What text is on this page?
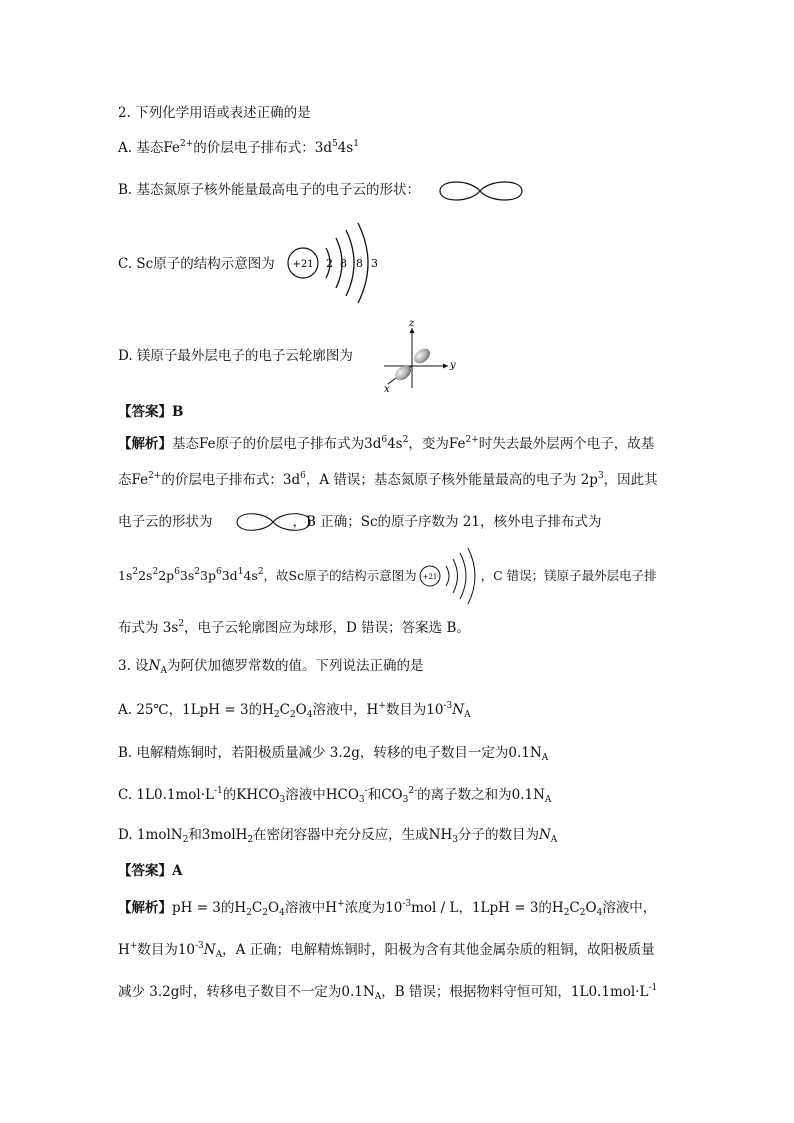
2. 下列化学用语或表述正确的是
A. 基态$Fe^{2+}$的价层电子排布式：$3d^54s^1$
B. 基态氮原子核外能量最高电子的电子云的形状：
C. Sc原子的结构示意图为 +21 2 8 8 3
D. 镁原子最外层电子的电子云轮廓图为
z
y
x
【答案】B
【解析】基态Fe原子的价层电子排布式为$3d^64s^2$，变为$Fe^{2+}$时失去最外层两个电子，故基
态$Fe^{2+}$的价层电子排布式：$3d^6$，A 错误；基态氮原子核外能量最高的电子为 $2p^3$，因此其
电子云的形状为	，B 正确；Sc的原子序数为 21，核外电子排布式为
$1s^22s^22p^63s^23p^63d^14s^2$，故Sc原子的结构示意图为	，C 错误；镁原子最外层电子排
+21
布式为 $3s^2$，电子云轮廓图应为球形，D 错误；答案选 B。
3. 设$N_A$为阿伏加德罗常数的值。下列说法正确的是
A. 25℃，1LpH = 3的$H_2C_2O_4$溶液中，H+数目为$10^{-3}N_A$
B. 电解精炼铜时，若阳极质量减少 3.2g，转移的电子数目一定为$0.1N_A$
C. $1L0.1mol\cdot L^{-1}$的$KHCO_3$溶液中$HCO_3^-$和$CO_3^{2-}$的离子数之和为$0.1N_A$
D. 1molN$_2$和3molH$_2$在密闭容器中充分反应，生成$NH_3$分子的数目为$N_A$
【答案】A
【解析】pH = 3的$H_2C_2O_4$溶液中H+浓度为$10^{-3}mol$ / L，1LpH = 3的$H_2C_2O_4$溶液中，
H+数目为$10^{-3}N_A$，A 正确；电解精炼铜时，阳极为含有其他金属杂质的粗铜，故阳极质量
减少 3.2g时，转移电子数目不一定为$0.1N_A$，B 错误；根据物料守恒可知，$1L0.1mol\cdot L^{-1}$
